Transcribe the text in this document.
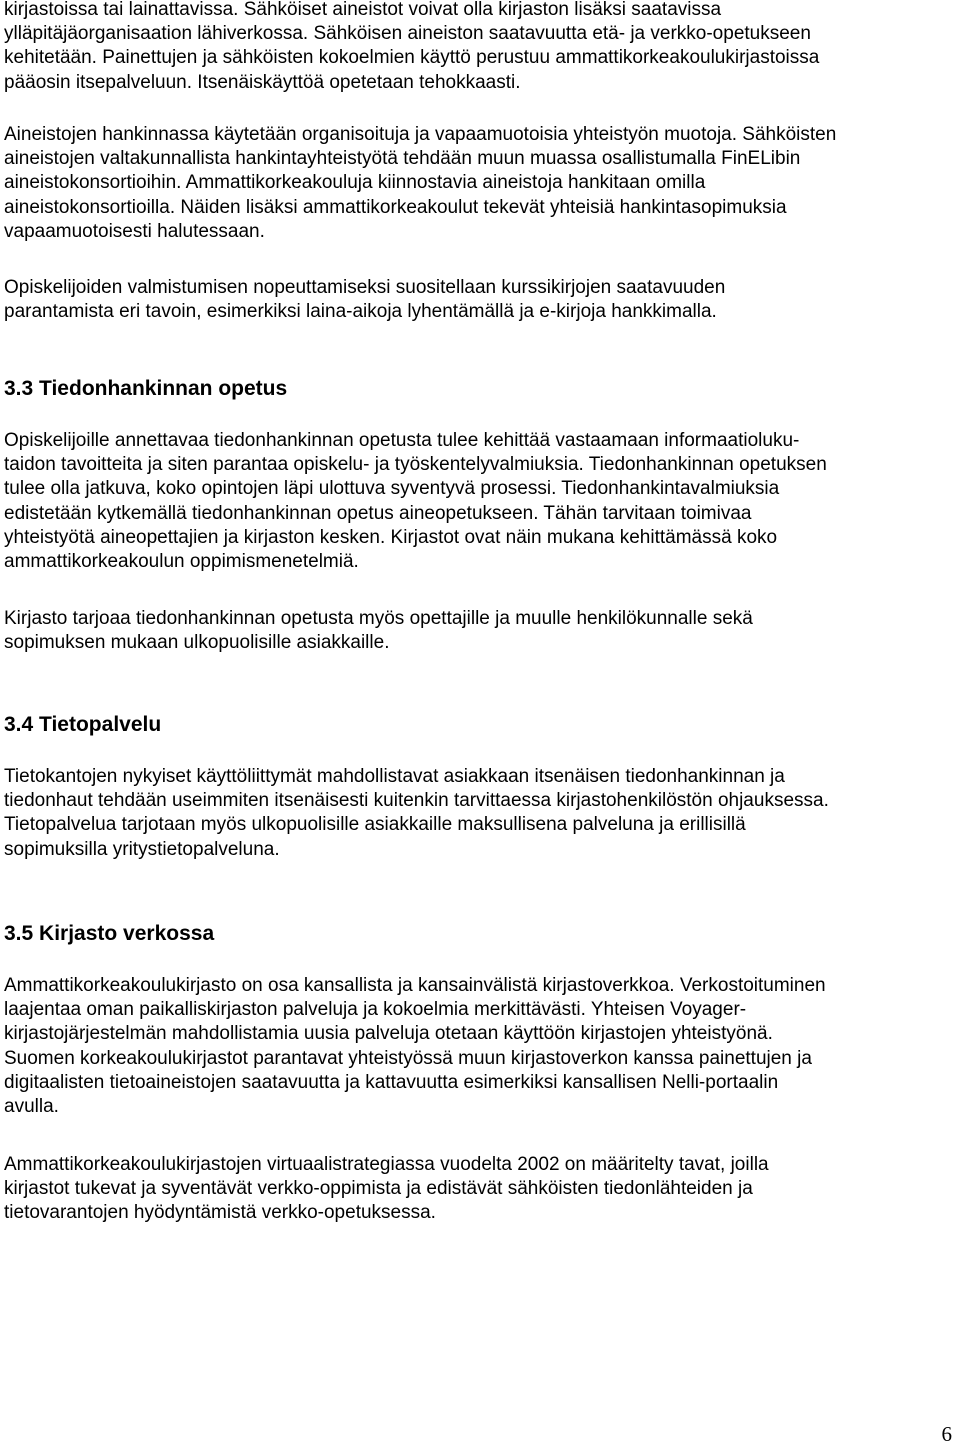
kirjastoissa tai lainattavissa. Sähköiset aineistot voivat olla kirjaston lisäksi saatavissa
ylläpitäjäorganisaation lähiverkossa. Sähköisen aineiston saatavuutta etä- ja verkko-opetukseen
kehitetään. Painettujen ja sähköisten kokoelmien käyttö perustuu ammattikorkeakoulukirjastoissa
pääosin itsepalveluun. Itsenäiskäyttöä opetetaan tehokkaasti.

Aineistojen hankinnassa käytetään organisoituja ja vapaamuotoisia yhteistyön muotoja. Sähköisten
aineistojen valtakunnallista hankintayhteistyötä tehdään muun muassa osallistumalla FinELibin
aineistokonsortioihin. Ammattikorkeakouluja kiinnostavia aineistoja hankitaan omilla
aineistokonsortioilla. Näiden lisäksi ammattikorkeakoulut tekevät yhteisiä hankintasopimuksia
vapaamuotoisesti halutessaan.

Opiskelijoiden valmistumisen nopeuttamiseksi suositellaan kurssikirjojen saatavuuden
parantamista eri tavoin, esimerkiksi laina-aikoja lyhentämällä ja e-kirjoja hankkimalla.

3.3 Tiedonhankinnan opetus

Opiskelijoille annettavaa tiedonhankinnan opetusta tulee kehittää vastaamaan informaatioluku-
taidon tavoitteita ja siten parantaa opiskelu- ja työskentelyvalmiuksia. Tiedonhankinnan opetuksen
tulee olla jatkuva, koko opintojen läpi ulottuva syventyvä prosessi. Tiedonhankintavalmiuksia
edistetään kytkemällä tiedonhankinnan opetus aineopetukseen. Tähän tarvitaan toimivaa
yhteistyötä aineopettajien ja kirjaston kesken. Kirjastot ovat näin mukana kehittämässä koko
ammattikorkeakoulun oppimismenetelmiä.

Kirjasto tarjoaa tiedonhankinnan opetusta myös opettajille ja muulle henkilökunnalle sekä
sopimuksen mukaan ulkopuolisille asiakkaille.

3.4 Tietopalvelu

Tietokantojen nykyiset käyttöliittymät mahdollistavat asiakkaan itsenäisen tiedonhankinnan ja
tiedonhaut tehdään useimmiten itsenäisesti kuitenkin tarvittaessa kirjastohenkilöstön ohjauksessa.
Tietopalvelua tarjotaan myös ulkopuolisille asiakkaille maksullisena palveluna ja erillisillä
sopimuksilla yritystietopalveluna.

3.5 Kirjasto verkossa

Ammattikorkeakoulukirjasto on osa kansallista ja kansainvälistä kirjastoverkkoa. Verkostoituminen
laajentaa oman paikalliskirjaston palveluja ja kokoelmia merkittävästi. Yhteisen Voyager-
kirjastojärjestelmän mahdollistamia uusia palveluja otetaan käyttöön kirjastojen yhteistyönä.
Suomen korkeakoulukirjastot parantavat yhteistyössä muun kirjastoverkon kanssa painettujen ja
digitaalisten tietoaineistojen saatavuutta ja kattavuutta esimerkiksi kansallisen Nelli-portaalin
avulla.

Ammattikorkeakoulukirjastojen virtuaalistrategiassa vuodelta 2002 on määritelty tavat, joilla
kirjastot tukevat ja syventävät verkko-oppimista ja edistävät sähköisten tiedonlähteiden ja
tietovarantojen hyödyntämistä verkko-opetuksessa.

6
